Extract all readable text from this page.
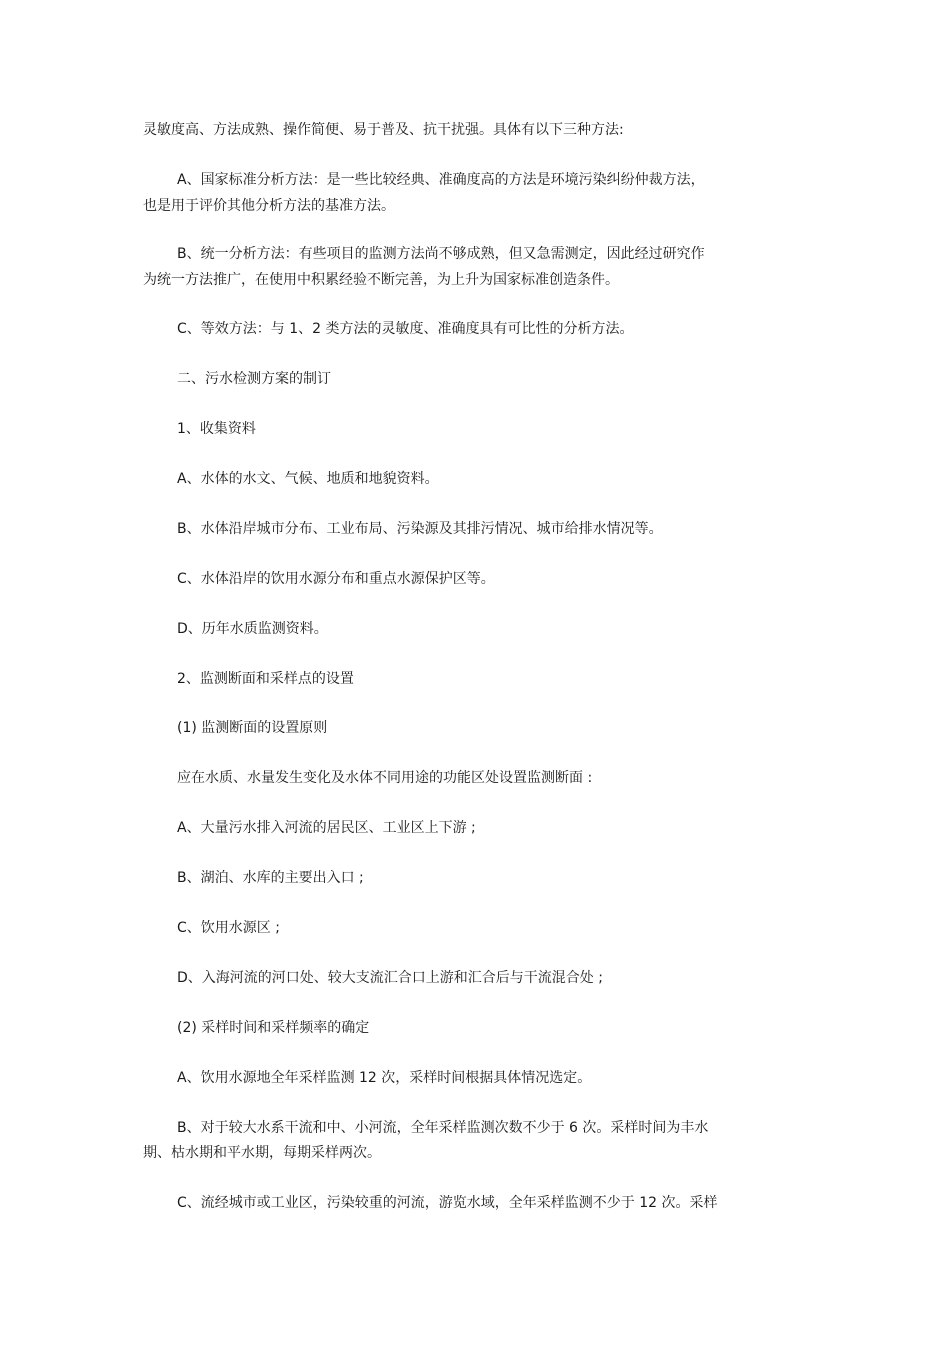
灵敏度高、方法成熟、操作简便、易于普及、抗干扰强。具体有以下三种方法:
A、国家标准分析方法：是一些比较经典、准确度高的方法是环境污染纠纷仲裁方法，
也是用于评价其他分析方法的基准方法。
B、统一分析方法：有些项目的监测方法尚不够成熟，但又急需测定，因此经过研究作
为统一方法推广，在使用中积累经验不断完善，为上升为国家标准创造条件。
C、等效方法：与 1、2 类方法的灵敏度、准确度具有可比性的分析方法。
二、污水检测方案的制订
1、收集资料
A、水体的水文、气候、地质和地貌资料。
B、水体沿岸城市分布、工业布局、污染源及其排污情况、城市给排水情况等。
C、水体沿岸的饮用水源分布和重点水源保护区等。
D、历年水质监测资料。
2、监测断面和采样点的设置
(1) 监测断面的设置原则
应在水质、水量发生变化及水体不同用途的功能区处设置监测断面 :
A、大量污水排入河流的居民区、工业区上下游 ;
B、湖泊、水库的主要出入口 ;
C、饮用水源区 ;
D、入海河流的河口处、较大支流汇合口上游和汇合后与干流混合处 ;
(2) 采样时间和采样频率的确定
A、饮用水源地全年采样监测 12 次，采样时间根据具体情况选定。
B、对于较大水系干流和中、小河流，全年采样监测次数不少于 6 次。采样时间为丰水
期、枯水期和平水期，每期采样两次。
C、流经城市或工业区，污染较重的河流，游览水域，全年采样监测不少于 12 次。采样
